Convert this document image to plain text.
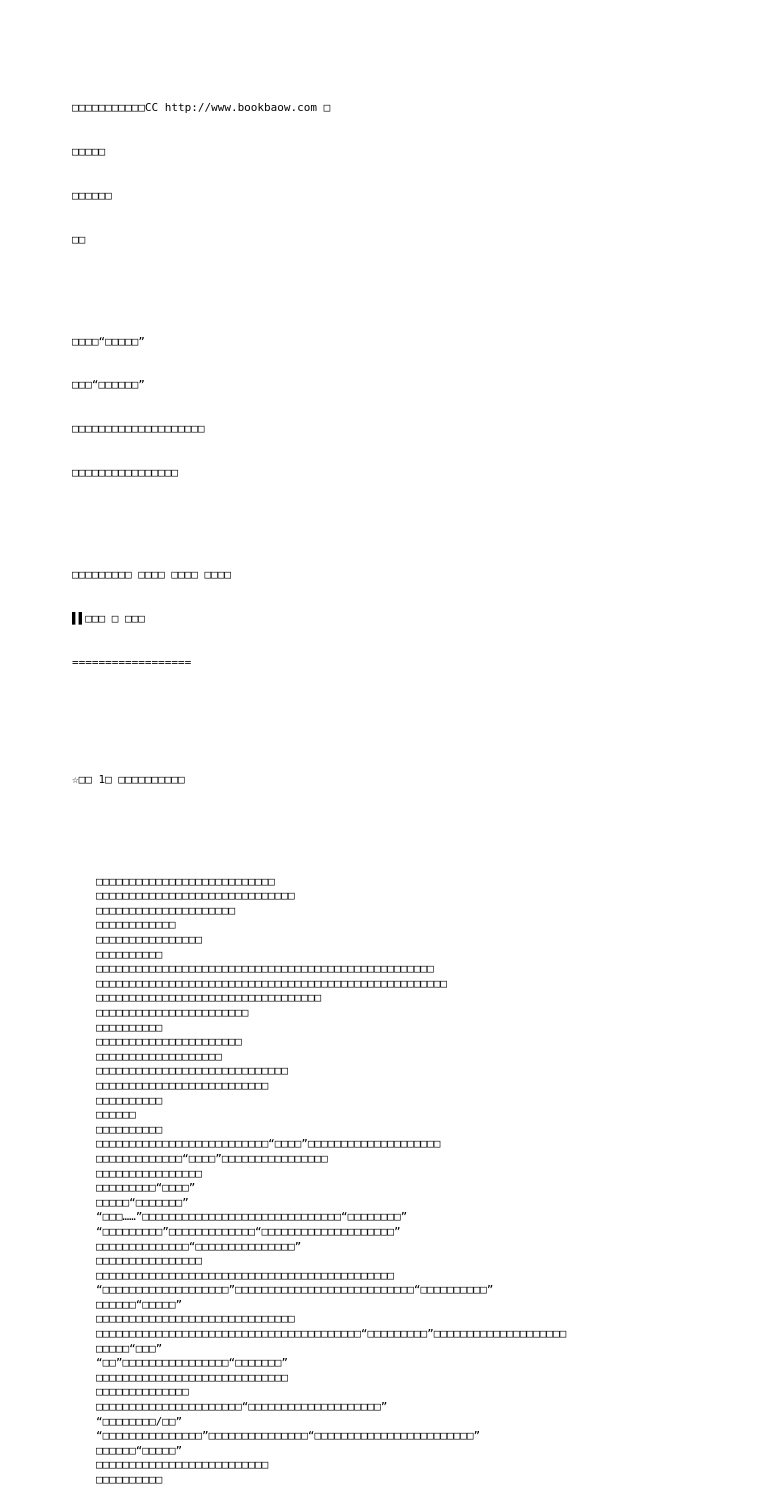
□□□□□□□□□□□CC http://www.bookbaow.com □

□□□□□

□□□□□□

□□

□□□□“□□□□□”

□□□“□□□□□□”

□□□□□□□□□□□□□□□□□□□□

□□□□□□□□□□□□□□□□

□□□□□□□□□ □□□□ □□□□ □□□□

▌▌□□□ □ □□□

==================

☆□□ 1□ □□□□□□□□□□

□□□□□□□□□□□□□□□□□□□□□□□□□□□
□□□□□□□□□□□□□□□□□□□□□□□□□□□□□□
□□□□□□□□□□□□□□□□□□□□□
□□□□□□□□□□□□
□□□□□□□□□□□□□□□□
□□□□□□□□□□
□□□□□□□□□□□□□□□□□□□□□□□□□□□□□□□□□□□□□□□□□□□□□□□□□□□
□□□□□□□□□□□□□□□□□□□□□□□□□□□□□□□□□□□□□□□□□□□□□□□□□□□□□
□□□□□□□□□□□□□□□□□□□□□□□□□□□□□□□□□□
□□□□□□□□□□□□□□□□□□□□□□□
□□□□□□□□□□
□□□□□□□□□□□□□□□□□□□□□□
□□□□□□□□□□□□□□□□□□□
□□□□□□□□□□□□□□□□□□□□□□□□□□□□□
□□□□□□□□□□□□□□□□□□□□□□□□□□
□□□□□□□□□□
□□□□□□
□□□□□□□□□□
□□□□□□□□□□□□□□□□□□□□□□□□□□“□□□□”□□□□□□□□□□□□□□□□□□□□
□□□□□□□□□□□□□“□□□□”□□□□□□□□□□□□□□□□
□□□□□□□□□□□□□□□□
□□□□□□□□□“□□□□”
□□□□□“□□□□□□□”
“□□□……”□□□□□□□□□□□□□□□□□□□□□□□□□□□□□□“□□□□□□□□”
“□□□□□□□□□”□□□□□□□□□□□□□“□□□□□□□□□□□□□□□□□□□□”
□□□□□□□□□□□□□□“□□□□□□□□□□□□□□□”
□□□□□□□□□□□□□□□□
□□□□□□□□□□□□□□□□□□□□□□□□□□□□□□□□□□□□□□□□□□□□□
“□□□□□□□□□□□□□□□□□□□”□□□□□□□□□□□□□□□□□□□□□□□□□□□“□□□□□□□□□□”
□□□□□□“□□□□□”
□□□□□□□□□□□□□□□□□□□□□□□□□□□□□□
□□□□□□□□□□□□□□□□□□□□□□□□□□□□□□□□□□□□□□□□“□□□□□□□□□”□□□□□□□□□□□□□□□□□□□□
□□□□□“□□□”
“□□”□□□□□□□□□□□□□□□□“□□□□□□□”
□□□□□□□□□□□□□□□□□□□□□□□□□□□□□
□□□□□□□□□□□□□□
□□□□□□□□□□□□□□□□□□□□□□“□□□□□□□□□□□□□□□□□□□□”
“□□□□□□□□/□□”
“□□□□□□□□□□□□□□□”□□□□□□□□□□□□□□□“□□□□□□□□□□□□□□□□□□□□□□□□”
□□□□□□“□□□□□”
□□□□□□□□□□□□□□□□□□□□□□□□□□
□□□□□□□□□□
